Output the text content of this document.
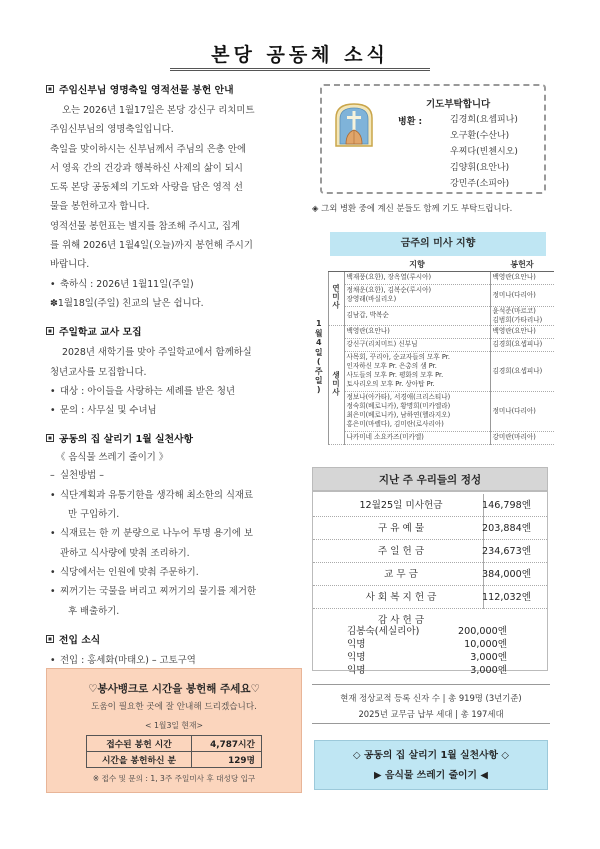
본당 공동체 소식
주임신부님 영명축일 영적선물 봉헌 안내

오는 2026년 1월17일은 본당 강신구 리치미트

주임신부님의 영명축일입니다.

축일을 맞이하시는 신부님께서 주님의 은총 안에

서 영육 간의 건강과 행복하신 사제의 삶이 되시

도록 본당 공동체의 기도와 사랑을 담은 영적 선

물을 봉헌하고자 합니다.

영적선물 봉헌표는 별지를 참조해 주시고, 집계

를 위해 2026년 1월4일(오늘)까지 봉헌해 주시기

바랍니다.

• 축하식 : 2026년 1월11일(주일)
✽1월18일(주일) 친교의 날은 쉽니다.
주일학교 교사 모집

2028년 새학기를 맞아 주일학교에서 함께하실

청년교사를 모집합니다.

• 대상 : 아이들을 사랑하는 세례를 받은 청년
• 문의 : 사무실 및 수녀님
공동의 집 살리기 1월 실천사항
《 음식물 쓰레기 줄이기 》
– 실천방법 –
• 식단계획과 유통기한을 생각해 최소한의 식재료
만 구입하기.
• 식재료는 한 끼 분량으로 나누어 투명 용기에 보
관하고 식사량에 맞춰 조리하기.
• 식당에서는 인원에 맞춰 주문하기.
• 찌꺼기는 국물을 버리고 찌꺼기의 물기를 제거한
후 배출하기.
전입 소식
• 전입 : 홍세화(마태오) – 고토구역
♡봉사뱅크로 시간을 봉헌해 주세요♡
도움이 필요한 곳에 잘 안내해 드리겠습니다.
< 1월3일 현재>
접수된 봉헌 시간	4,787시간
시간을 봉헌하신 분	129명
※ 접수 및 문의 : 1, 3주 주일미사 후 대성당 입구
기도부탁합니다
병환 :	김경희(요셉피나)
오구환(수산나)
우찌다(빈첸시오)
김양휘(요안나)
강민주(소피아)
◈ 그외 병환 중에 계신 분들도 함께 기도 부탁드립니다.
금주의 미사 지향
		지향	봉헌자
1월4일(주일)	연미사	백재풍(요한), 장옥열(루시아)	백영란(요안나)

		정채운(요한), 김복순(루시아)
장영래(바실리오)	정미나(다리아)

		김남갑, 박복순	윤석준(마르코)
김범희(가타리나)

	생미사	백영란(요안나)	백영란(요안나)

		강신구(리치미트) 신부님	김경희(요셉피나)

		사목회, 꾸리아, 순교자들의 모후 Pr.
인자하신 모후 Pr. 은총의 샘 Pr.
사도들의 모후 Pr. 평화의 모후 Pr.
토사리오의 모후 Pr. 상아탑 Pr.	김경희(요셉피나)

		정보나(아가타), 서경애(크리스티나)
정숙희(베로니카), 황명희(미카엘라)
최은미(베로니카), 남하연(헬라지오)
홍은미(마렐다), 김미란(로사리아)	정미나(다리아)

		나카미네 소요카즈(미카엘)	강미란(마리아)
지난 주 우리들의 정성
12월25일 미사헌금	146,798엔
구 유 예 물	203,884엔
주 일 헌 금	234,673엔
교 무 금	384,000엔
사 회 복 지 헌 금	112,032엔
감 사 헌 금
김봉숙(세실리아)	200,000엔
익명	10,000엔
익명	3,000엔
익명	3,000엔
현재 정상교적 등록 신자 수 | 총 919명 (3년기준)
2025년 교무금 납부 세대 | 총 197세대
◇ 공동의 집 살리기 1월 실천사항 ◇
▶ 음식물 쓰레기 줄이기 ◀
